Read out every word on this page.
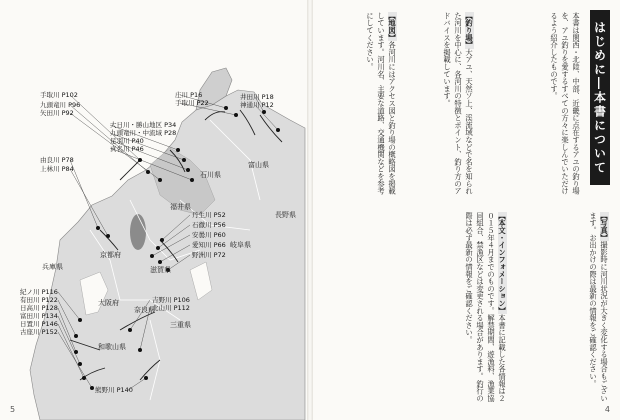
石川県
富山県
福井県
岐阜県
長野県
滋賀県
京都府
兵庫県
大阪府
奈良県
三重県
和歌山県
手取川 P102
九頭竜川 P96
矢田川 P92
大日川・勝山地区 P34
九頭竜川・中流域 P28
足羽川 P40
真名川 P46
庄川 P16
手取川 P22
井田川 P18
神通川 P12
由良川 P78
上林川 P84
丹生川 P52
石徹川 P56
安曇川 P60
愛知川 P66
野洲川 P72
紀ノ川 P116
有田川 P122
日高川 P128
富田川 P134
日置川 P146
古座川 P152
吉野川 P106
北山川 P112
熊野川 P140
5
はじめに―本書について
本書は関西・北陸、中部、近畿に点在するアユの釣り場を、アユ釣りを愛するすべての方々に楽しんでいただけるよう紹介したものです。
【釣り場】大アユ、天然ソ上、渓流域などで名を知られた河川を中心に、各河川の特徴とポイント、釣り方のアドバイスを掲載しています。
【地図】各河川にはアクセス図と釣り場の概略図を掲載しています。河川名、主要な道路、交通機関などを参考にしてください。
【写真】撮影時に河川状況が大きく変化する場合もございます。お出かけの際は最新の情報をご確認ください。
【本文・インフォメーション】本書に記載した各情報は２０１５年４月までのものです。解禁期間、遊漁料、漁業協同組合、禁漁区などは変更される場合があります。釣行の際は必ず最新の情報をご確認ください。
4
